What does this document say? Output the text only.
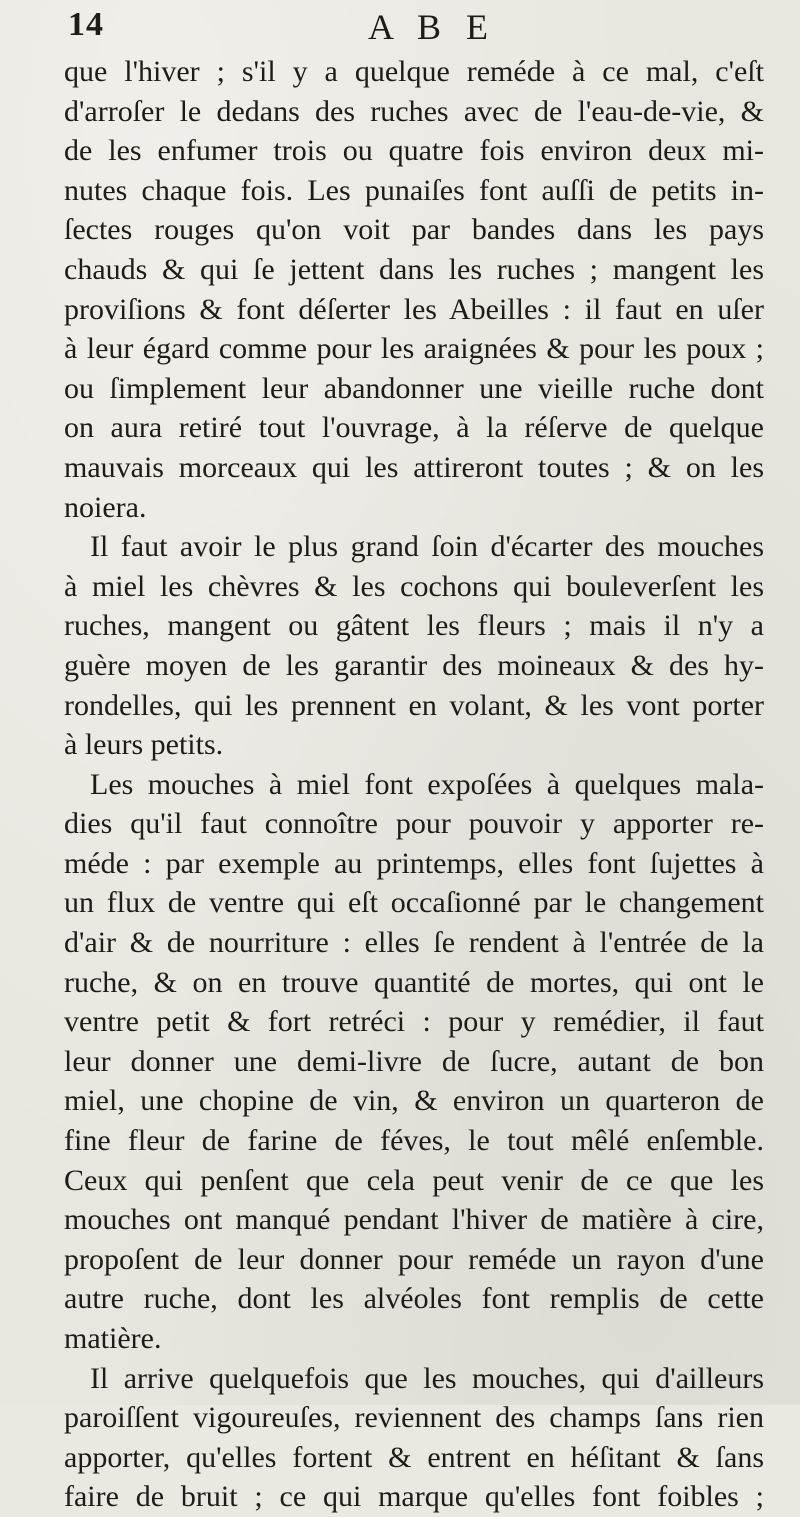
14	A B E
que l'hiver ; s'il y a quelque reméde à ce mal, c'eſt
d'arroſer le dedans des ruches avec de l'eau-de-vie, &
de les enfumer trois ou quatre fois environ deux mi-
nutes chaque fois. Les punaiſes font auſſi de petits in-
ſectes rouges qu'on voit par bandes dans les pays
chauds & qui ſe jettent dans les ruches ; mangent les
proviſions & font déſerter les Abeilles : il faut en uſer
à leur égard comme pour les araignées & pour les poux ;
ou ſimplement leur abandonner une vieille ruche dont
on aura retiré tout l'ouvrage, à la réſerve de quelque
mauvais morceaux qui les attireront toutes ; & on les
noiera.
Il faut avoir le plus grand ſoin d'écarter des mouches
à miel les chèvres & les cochons qui bouleverſent les
ruches, mangent ou gâtent les fleurs ; mais il n'y a
guère moyen de les garantir des moineaux & des hy-
rondelles, qui les prennent en volant, & les vont porter
à leurs petits.
Les mouches à miel font expoſées à quelques mala-
dies qu'il faut connoître pour pouvoir y apporter re-
méde : par exemple au printemps, elles font ſujettes à
un flux de ventre qui eſt occaſionné par le changement
d'air & de nourriture : elles ſe rendent à l'entrée de la
ruche, & on en trouve quantité de mortes, qui ont le
ventre petit & fort retréci : pour y remédier, il faut
leur donner une demi-livre de ſucre, autant de bon
miel, une chopine de vin, & environ un quarteron de
fine fleur de farine de féves, le tout mêlé enſemble.
Ceux qui penſent que cela peut venir de ce que les
mouches ont manqué pendant l'hiver de matière à cire,
propoſent de leur donner pour reméde un rayon d'une
autre ruche, dont les alvéoles font remplis de cette
matière.
Il arrive quelquefois que les mouches, qui d'ailleurs
paroiſſent vigoureuſes, reviennent des champs ſans rien
apporter, qu'elles fortent & entrent en héſitant & ſans
faire de bruit ; ce qui marque qu'elles font foibles ;
